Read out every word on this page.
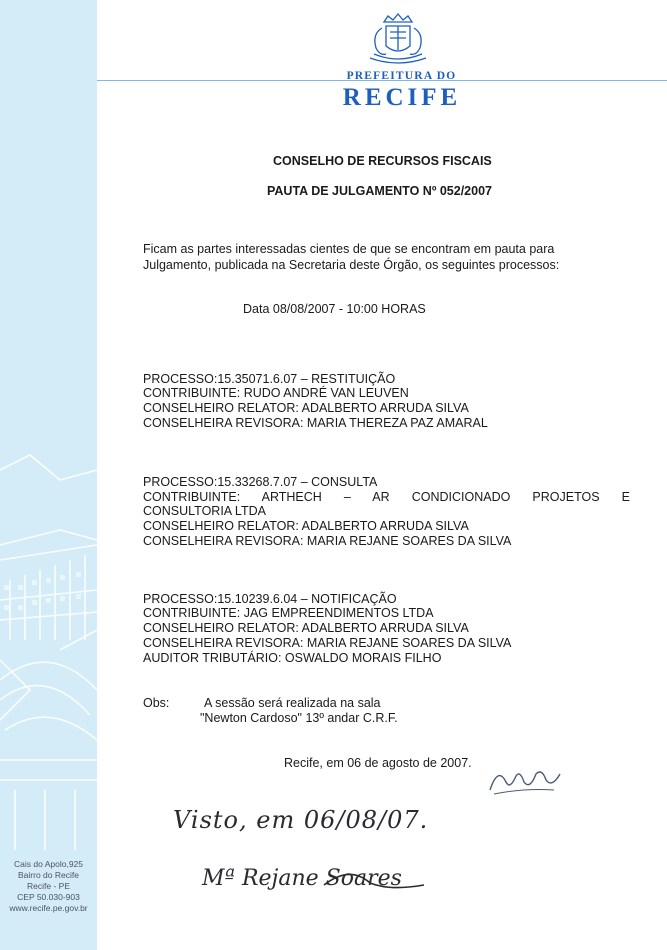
Cais do Apolo,925
Bairro do Recife
Recife - PE
CEP 50.030-903
www.recife.pe.gov.br
PREFEITURA DO
RECIFE
CONSELHO DE RECURSOS FISCAIS
PAUTA DE JULGAMENTO Nº 052/2007
Ficam as partes interessadas cientes de que se encontram em pauta para
Julgamento, publicada na Secretaria deste Órgão, os seguintes processos:
Data 08/08/2007 - 10:00 HORAS
PROCESSO:15.35071.6.07 – RESTITUIÇÃO
CONTRIBUINTE: RUDO ANDRÉ VAN LEUVEN
CONSELHEIRO RELATOR: ADALBERTO ARRUDA SILVA
CONSELHEIRA REVISORA: MARIA THEREZA PAZ AMARAL
PROCESSO:15.33268.7.07 – CONSULTA
CONTRIBUINTE: ARTHECH – AR CONDICIONADO PROJETOS E
CONSULTORIA LTDA
CONSELHEIRO RELATOR: ADALBERTO ARRUDA SILVA
CONSELHEIRA REVISORA: MARIA REJANE SOARES DA SILVA
PROCESSO:15.10239.6.04 – NOTIFICAÇÃO
CONTRIBUINTE: JAG EMPREENDIMENTOS LTDA
CONSELHEIRO RELATOR: ADALBERTO ARRUDA SILVA
CONSELHEIRA REVISORA: MARIA REJANE SOARES DA SILVA
AUDITOR TRIBUTÁRIO: OSWALDO MORAIS FILHO
Obs:	A sessão será realizada na sala
"Newton Cardoso" 13º andar C.R.F.
Recife, em 06 de agosto de 2007.
Visto, em 06/08/07.
Mª Rejane Soares
